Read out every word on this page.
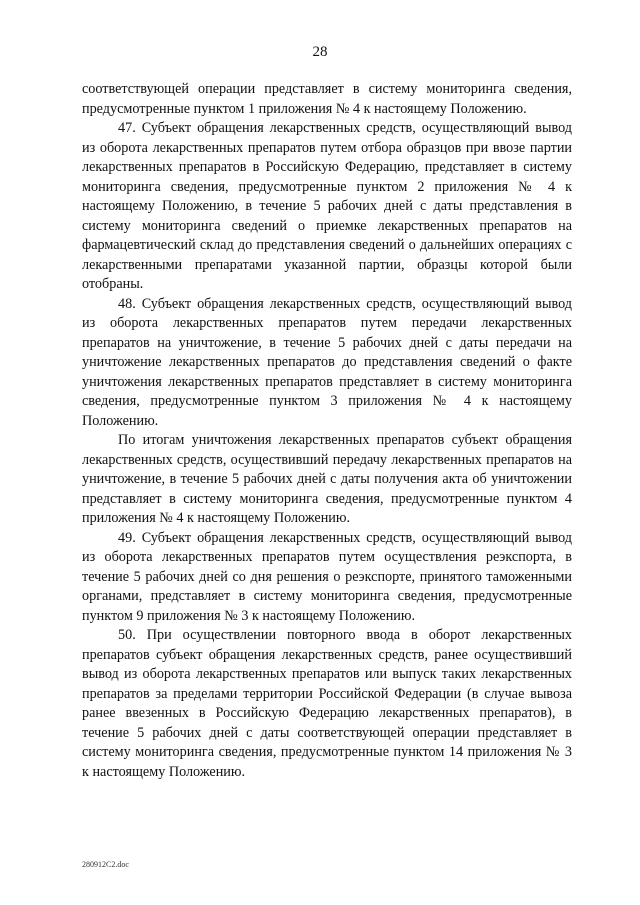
28

соответствующей операции представляет в систему мониторинга сведения, предусмотренные пунктом 1 приложения № 4 к настоящему Положению.

47. Субъект обращения лекарственных средств, осуществляющий вывод из оборота лекарственных препаратов путем отбора образцов при ввозе партии лекарственных препаратов в Российскую Федерацию, представляет в систему мониторинга сведения, предусмотренные пунктом 2 приложения № 4 к настоящему Положению, в течение 5 рабочих дней с даты представления в систему мониторинга сведений о приемке лекарственных препаратов на фармацевтический склад до представления сведений о дальнейших операциях с лекарственными препаратами указанной партии, образцы которой были отобраны.

48. Субъект обращения лекарственных средств, осуществляющий вывод из оборота лекарственных препаратов путем передачи лекарственных препаратов на уничтожение, в течение 5 рабочих дней с даты передачи на уничтожение лекарственных препаратов до представления сведений о факте уничтожения лекарственных препаратов представляет в систему мониторинга сведения, предусмотренные пунктом 3 приложения № 4 к настоящему Положению.

По итогам уничтожения лекарственных препаратов субъект обращения лекарственных средств, осуществивший передачу лекарственных препаратов на уничтожение, в течение 5 рабочих дней с даты получения акта об уничтожении представляет в систему мониторинга сведения, предусмотренные пунктом 4 приложения № 4 к настоящему Положению.

49. Субъект обращения лекарственных средств, осуществляющий вывод из оборота лекарственных препаратов путем осуществления реэкспорта, в течение 5 рабочих дней со дня решения о реэкспорте, принятого таможенными органами, представляет в систему мониторинга сведения, предусмотренные пунктом 9 приложения № 3 к настоящему Положению.

50. При осуществлении повторного ввода в оборот лекарственных препаратов субъект обращения лекарственных средств, ранее осуществивший вывод из оборота лекарственных препаратов или выпуск таких лекарственных препаратов за пределами территории Российской Федерации (в случае вывоза ранее ввезенных в Российскую Федерацию лекарственных препаратов), в течение 5 рабочих дней с даты соответствующей операции представляет в систему мониторинга сведения, предусмотренные пунктом 14 приложения № 3 к настоящему Положению.

280912C2.doc
